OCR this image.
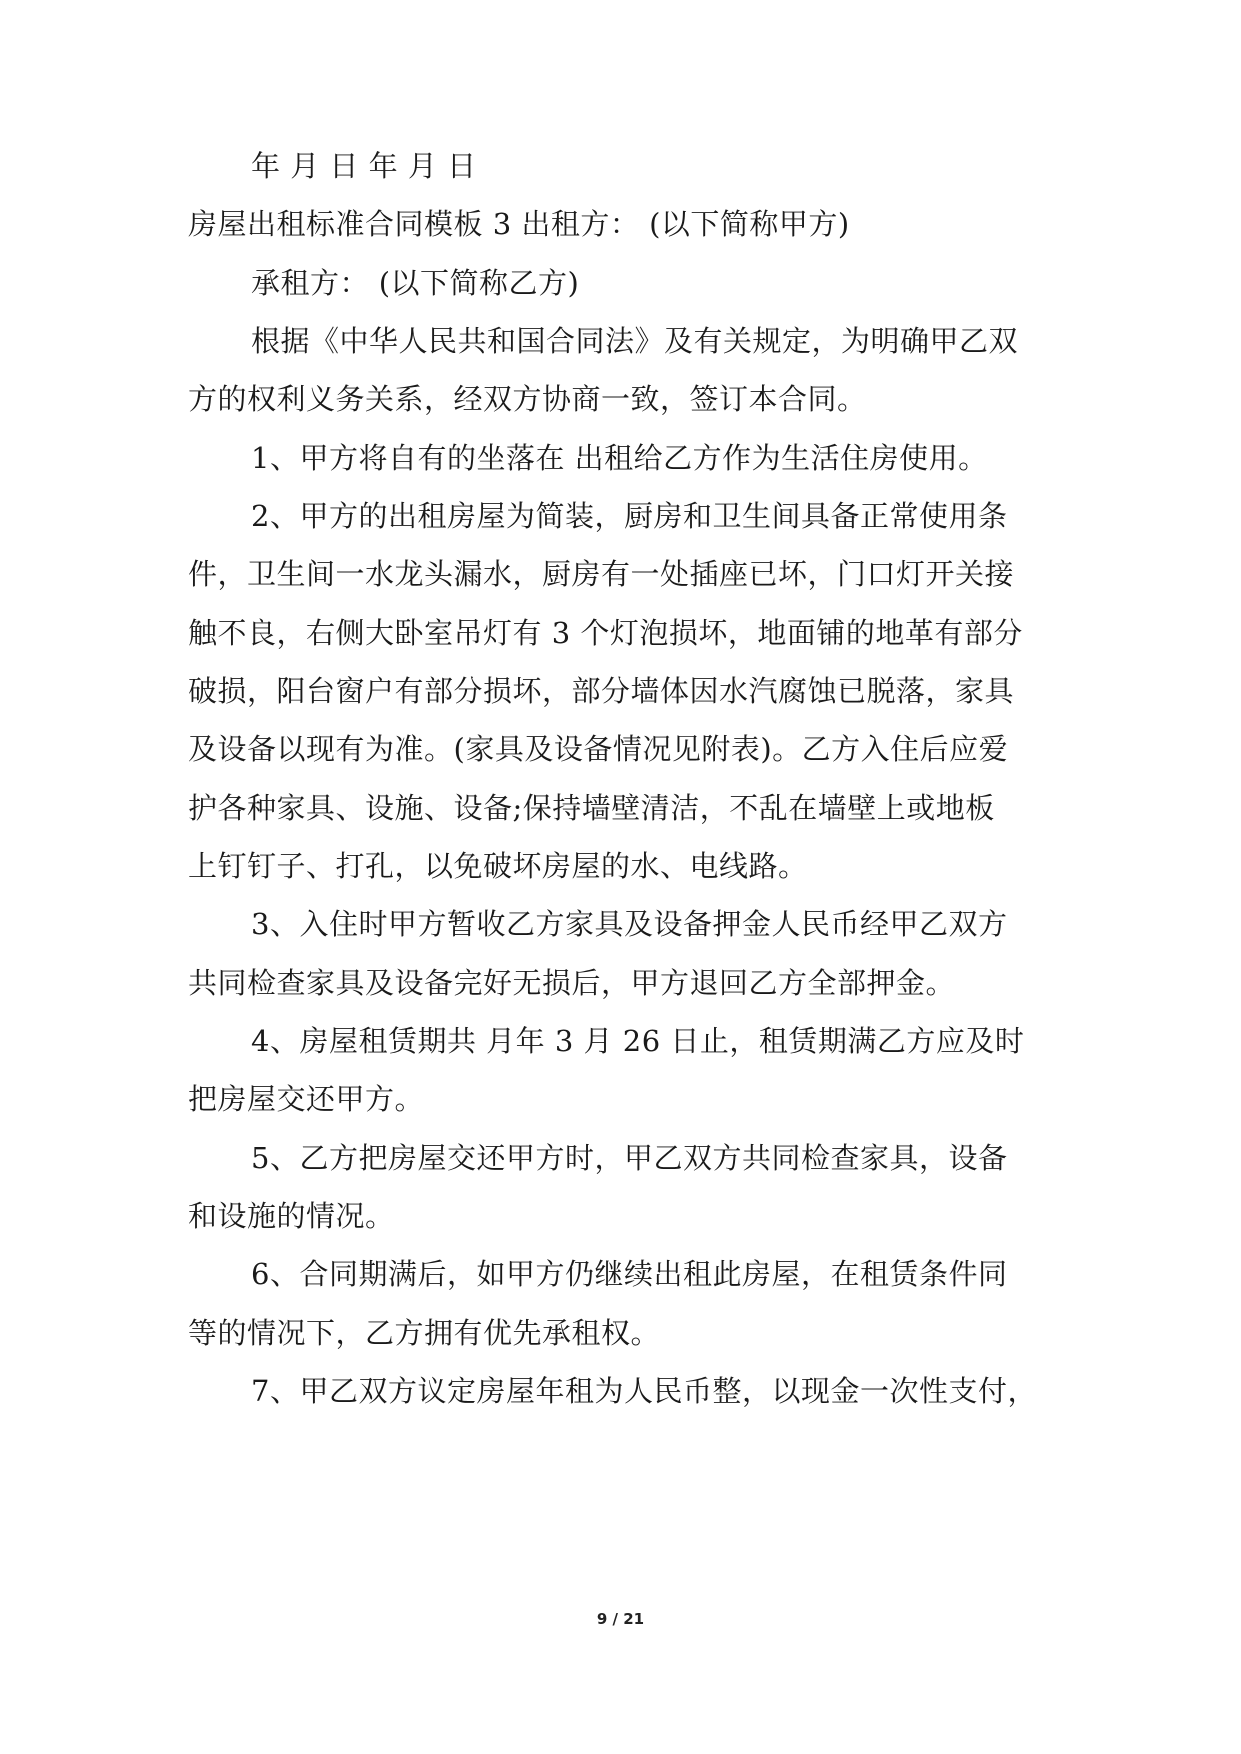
年 月 日 年 月 日
房屋出租标准合同模板 3 出租方： (以下简称甲方)
承租方： (以下简称乙方)
根据《中华人民共和国合同法》及有关规定，为明确甲乙双
方的权利义务关系，经双方协商一致，签订本合同。
1、甲方将自有的坐落在 出租给乙方作为生活住房使用。
2、甲方的出租房屋为简装，厨房和卫生间具备正常使用条
件，卫生间一水龙头漏水，厨房有一处插座已坏，门口灯开关接
触不良，右侧大卧室吊灯有 3 个灯泡损坏，地面铺的地革有部分
破损，阳台窗户有部分损坏，部分墙体因水汽腐蚀已脱落，家具
及设备以现有为准。(家具及设备情况见附表)。乙方入住后应爱
护各种家具、设施、设备;保持墙壁清洁，不乱在墙壁上或地板
上钉钉子、打孔，以免破坏房屋的水、电线路。
3、入住时甲方暂收乙方家具及设备押金人民币经甲乙双方
共同检查家具及设备完好无损后，甲方退回乙方全部押金。
4、房屋租赁期共 月年 3 月 26 日止，租赁期满乙方应及时
把房屋交还甲方。
5、乙方把房屋交还甲方时，甲乙双方共同检查家具，设备
和设施的情况。
6、合同期满后，如甲方仍继续出租此房屋，在租赁条件同
等的情况下，乙方拥有优先承租权。
7、甲乙双方议定房屋年租为人民币整，以现金一次性支付，
9 / 21
